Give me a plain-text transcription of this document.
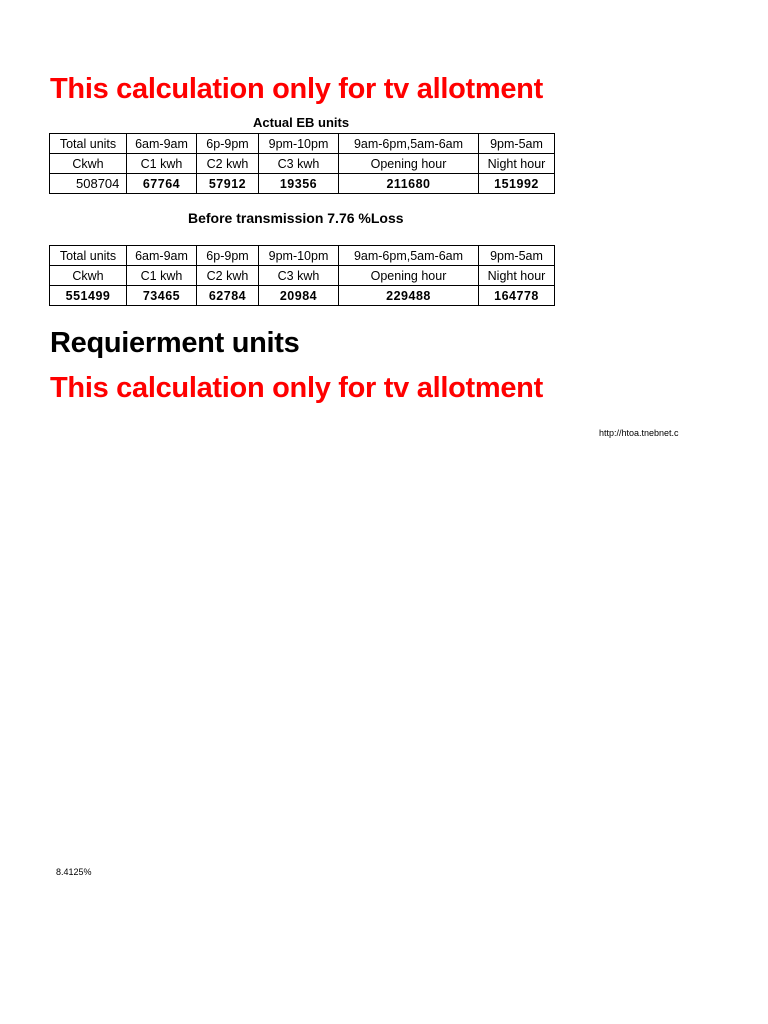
This calculation only for tv allotment
Actual EB units
Total units	6am-9am	6p-9pm	9pm-10pm	9am-6pm,5am-6am	9pm-5am
Ckwh	C1 kwh	C2 kwh	C3 kwh	Opening hour	Night hour
508704	67764	57912	19356	211680	151992
Before transmission 7.76 %Loss
Total units	6am-9am	6p-9pm	9pm-10pm	9am-6pm,5am-6am	9pm-5am
Ckwh	C1 kwh	C2 kwh	C3 kwh	Opening hour	Night hour
551499	73465	62784	20984	229488	164778
Requierment units
This calculation only for tv allotment
http://htoa.tnebnet.c
8.4125%
